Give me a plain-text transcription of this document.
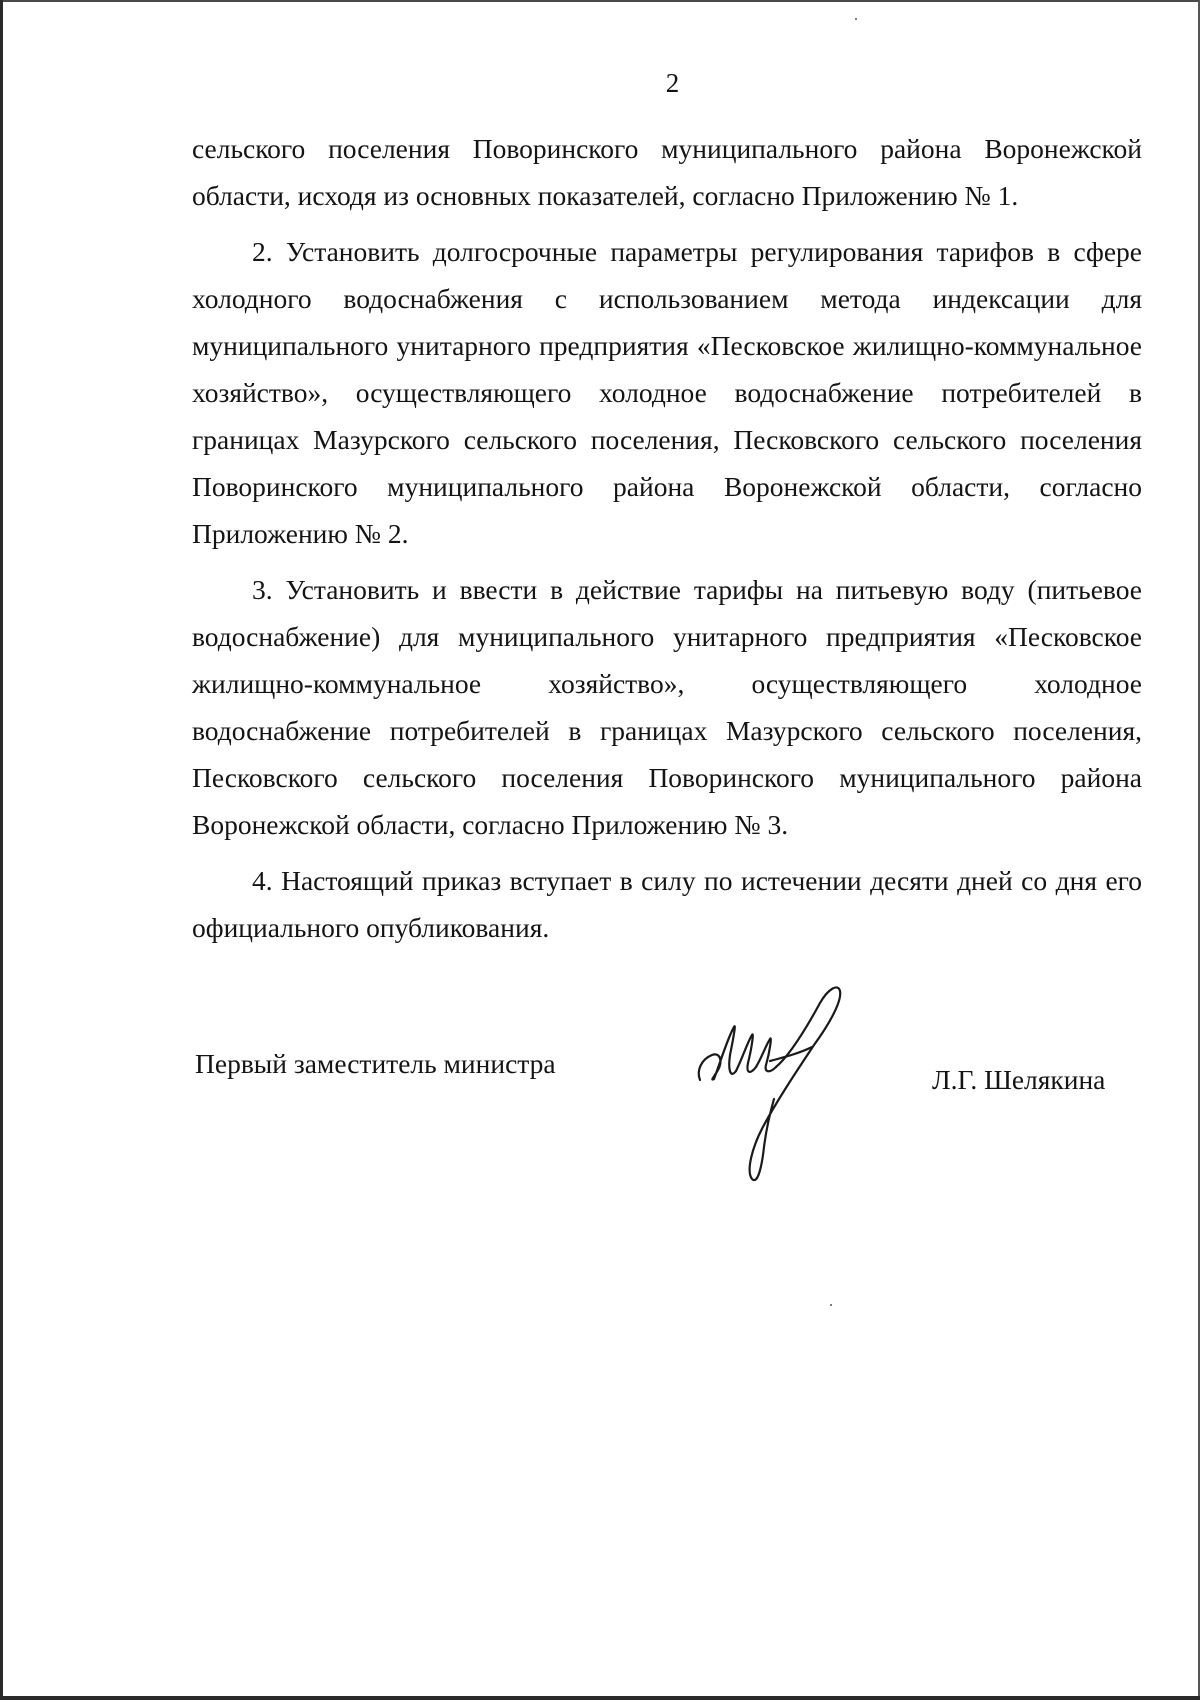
2

сельского поселения Поворинского муниципального района Воронежской области, исходя из основных показателей, согласно Приложению № 1.

2. Установить долгосрочные параметры регулирования тарифов в сфере холодного водоснабжения с использованием метода индексации для муниципального унитарного предприятия «Песковское жилищно-коммунальное хозяйство», осуществляющего холодное водоснабжение потребителей в границах Мазурского сельского поселения, Песковского сельского поселения Поворинского муниципального района Воронежской области, согласно Приложению № 2.

3. Установить и ввести в действие тарифы на питьевую воду (питьевое водоснабжение) для муниципального унитарного предприятия «Песковское жилищно-коммунальное хозяйство», осуществляющего холодное водоснабжение потребителей в границах Мазурского сельского поселения, Песковского сельского поселения Поворинского муниципального района Воронежской области, согласно Приложению № 3.

4. Настоящий приказ вступает в силу по истечении десяти дней со дня его официального опубликования.

Первый заместитель министра
Л.Г. Шелякина
